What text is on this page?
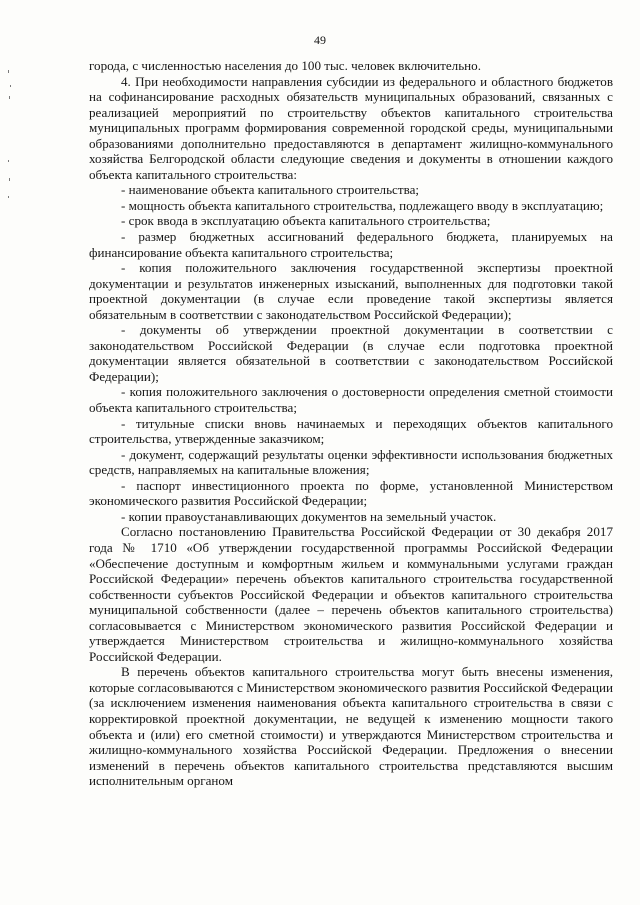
49

города, с численностью населения до 100 тыс. человек включительно.

4. При необходимости направления субсидии из федерального и областного бюджетов на софинансирование расходных обязательств муниципальных образований, связанных с реализацией мероприятий по строительству объектов капитального строительства муниципальных программ формирования современной городской среды, муниципальными образованиями дополнительно предоставляются в департамент жилищно-коммунального хозяйства Белгородской области следующие сведения и документы в отношении каждого объекта капитального строительства:

- наименование объекта капитального строительства;

- мощность объекта капитального строительства, подлежащего вводу в эксплуатацию;

- срок ввода в эксплуатацию объекта капитального строительства;

- размер бюджетных ассигнований федерального бюджета, планируемых на финансирование объекта капитального строительства;

- копия положительного заключения государственной экспертизы проектной документации и результатов инженерных изысканий, выполненных для подготовки такой проектной документации (в случае если проведение такой экспертизы является обязательным в соответствии с законодательством Российской Федерации);

- документы об утверждении проектной документации в соответствии с законодательством Российской Федерации (в случае если подготовка проектной документации является обязательной в соответствии с законодательством Российской Федерации);

- копия положительного заключения о достоверности определения сметной стоимости объекта капитального строительства;

- титульные списки вновь начинаемых и переходящих объектов капитального строительства, утвержденные заказчиком;

- документ, содержащий результаты оценки эффективности использования бюджетных средств, направляемых на капитальные вложения;

- паспорт инвестиционного проекта по форме, установленной Министерством экономического развития Российской Федерации;

- копии правоустанавливающих документов на земельный участок.

Согласно постановлению Правительства Российской Федерации от 30 декабря 2017 года № 1710 «Об утверждении государственной программы Российской Федерации «Обеспечение доступным и комфортным жильем и коммунальными услугами граждан Российской Федерации» перечень объектов капитального строительства государственной собственности субъектов Российской Федерации и объектов капитального строительства муниципальной собственности (далее – перечень объектов капитального строительства) согласовывается с Министерством экономического развития Российской Федерации и утверждается Министерством строительства и жилищно-коммунального хозяйства Российской Федерации.

В перечень объектов капитального строительства могут быть внесены изменения, которые согласовываются с Министерством экономического развития Российской Федерации (за исключением изменения наименования объекта капитального строительства в связи с корректировкой проектной документации, не ведущей к изменению мощности такого объекта и (или) его сметной стоимости) и утверждаются Министерством строительства и жилищно-коммунального хозяйства Российской Федерации. Предложения о внесении изменений в перечень объектов капитального строительства представляются высшим исполнительным органом
